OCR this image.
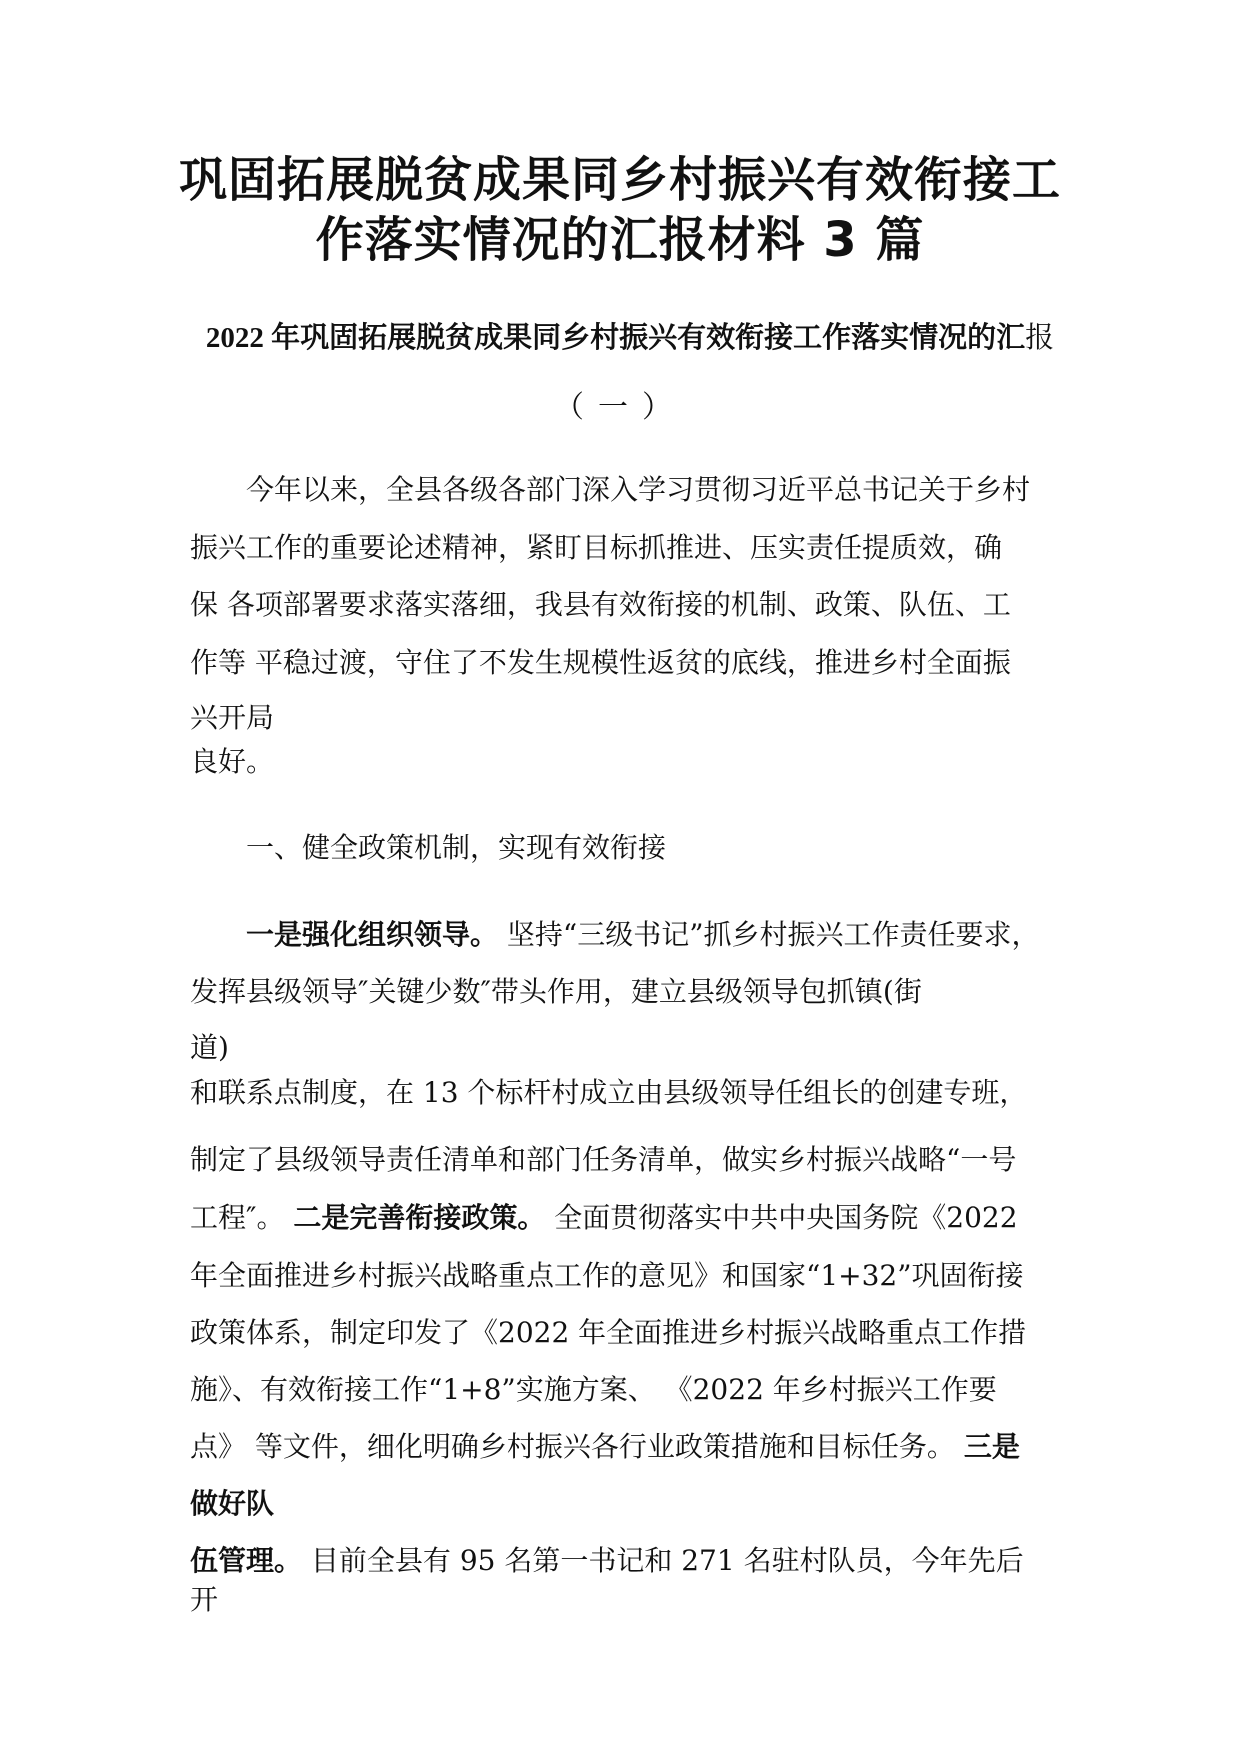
巩固拓展脱贫成果同乡村振兴有效衔接工
作落实情况的汇报材料 3 篇

2022 年巩固拓展脱贫成果同乡村振兴有效衔接工作落实情况的汇报

（一）

　　今年以来，全县各级各部门深入学习贯彻习近平总书记关于乡村

振兴工作的重要论述精神，紧盯目标抓推进、压实责任提质效，确

保 各项部署要求落实落细，我县有效衔接的机制、政策、队伍、工

作等 平稳过渡，守住了不发生规模性返贫的底线，推进乡村全面振

兴开局

良好。

　　一、健全政策机制，实现有效衔接

　　一是强化组织领导。 坚持“三级书记”抓乡村振兴工作责任要求，

发挥县级领导″关键少数″带头作用，建立县级领导包抓镇(街

道)

和联系点制度，在 13 个标杆村成立由县级领导任组长的创建专班，

制定了县级领导责任清单和部门任务清单，做实乡村振兴战略“一号

工程″。 二是完善衔接政策。 全面贯彻落实中共中央国务院《2022

年全面推进乡村振兴战略重点工作的意见》和国家“1+32”巩固衔接

政策体系，制定印发了《2022 年全面推进乡村振兴战略重点工作措

施》、有效衔接工作“1+8”实施方案、 《2022 年乡村振兴工作要

点》 等文件，细化明确乡村振兴各行业政策措施和目标任务。 三是

做好队

伍管理。 目前全县有 95 名第一书记和 271 名驻村队员，今年先后

开
